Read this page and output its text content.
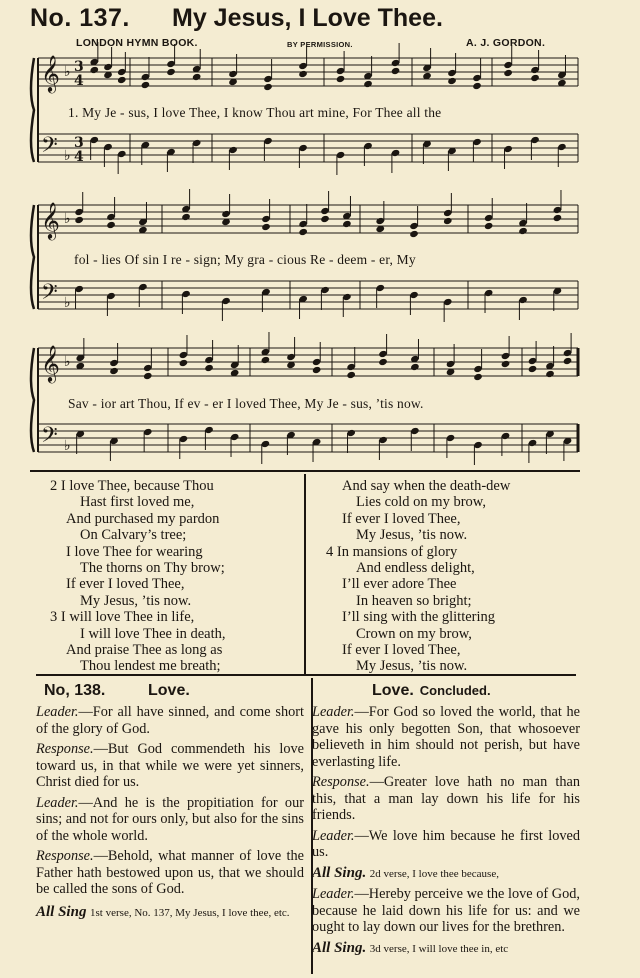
No. 137. My Jesus, I Love Thee.
LONDON HYMN BOOK.	BY PERMISSION.	A. J. GORDON.
𝄞
𝄢
♭
♭
3
4
3
4
𝄞
𝄢
♭
♭
𝄞
𝄢
♭
♭
1. My Je - sus, I love Thee, I know Thou art mine, For Thee all the
fol - lies Of sin I re - sign; My gra - cious Re - deem - er, My
Sav - ior art Thou, If ev - er I loved Thee, My Je - sus, ’tis now.
2 I love Thee, because Thou
Hast first loved me,
And purchased my pardon
On Calvary’s tree;
I love Thee for wearing
The thorns on Thy brow;
If ever I loved Thee,
My Jesus, ’tis now.
3 I will love Thee in life,
I will love Thee in death,
And praise Thee as long as
Thou lendest me breath;
And say when the death-dew
Lies cold on my brow,
If ever I loved Thee,
My Jesus, ’tis now.
4 In mansions of glory
And endless delight,
I’ll ever adore Thee
In heaven so bright;
I’ll sing with the glittering
Crown on my brow,
If ever I loved Thee,
My Jesus, ’tis now.
No, 138.	Love.

Leader.—For all have sinned, and come short of the glory of God.

Response.—But God commendeth his love toward us, in that while we were yet sinners, Christ died for us.

Leader.—And he is the propitiation for our sins; and not for ours only, but also for the sins of the whole world.

Response.—Behold, what manner of love the Father hath bestowed upon us, that we should be called the sons of God.

All Sing 1st verse, No. 137, My Jesus, I love thee, etc.

Love. Concluded.

Leader.—For God so loved the world, that he gave his only begotten Son, that whosoever believeth in him should not perish, but have everlasting life.

Response.—Greater love hath no man than this, that a man lay down his life for his friends.

Leader.—We love him because he first loved us.

All Sing. 2d verse, I love thee because,

Leader.—Hereby perceive we the love of God, because he laid down his life for us: and we ought to lay down our lives for the brethren.

All Sing. 3d verse, I will love thee in, etc
